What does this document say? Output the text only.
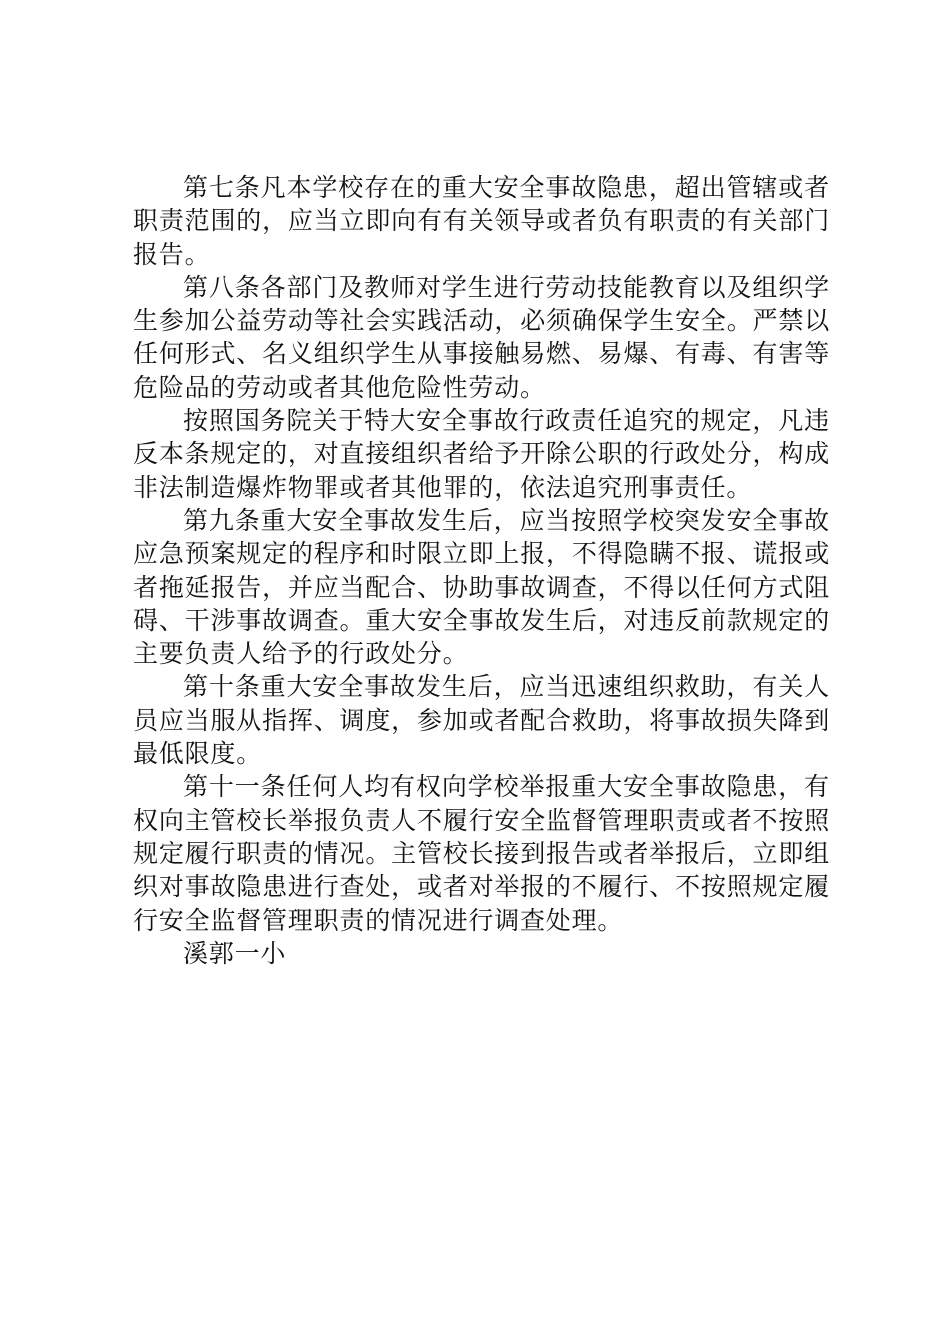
第七条凡本学校存在的重大安全事故隐患，超出管辖或者职责范围的，应当立即向有有关领导或者负有职责的有关部门报告。

第八条各部门及教师对学生进行劳动技能教育以及组织学生参加公益劳动等社会实践活动，必须确保学生安全。严禁以任何形式、名义组织学生从事接触易燃、易爆、有毒、有害等危险品的劳动或者其他危险性劳动。

按照国务院关于特大安全事故行政责任追究的规定，凡违反本条规定的，对直接组织者给予开除公职的行政处分，构成非法制造爆炸物罪或者其他罪的，依法追究刑事责任。

第九条重大安全事故发生后，应当按照学校突发安全事故应急预案规定的程序和时限立即上报，不得隐瞒不报、谎报或者拖延报告，并应当配合、协助事故调查，不得以任何方式阻碍、干涉事故调查。重大安全事故发生后，对违反前款规定的主要负责人给予的行政处分。

第十条重大安全事故发生后，应当迅速组织救助，有关人员应当服从指挥、调度，参加或者配合救助，将事故损失降到最低限度。

第十一条任何人均有权向学校举报重大安全事故隐患，有权向主管校长举报负责人不履行安全监督管理职责或者不按照规定履行职责的情况。主管校长接到报告或者举报后，立即组织对事故隐患进行查处，或者对举报的不履行、不按照规定履行安全监督管理职责的情况进行调查处理。

溪郭一小
